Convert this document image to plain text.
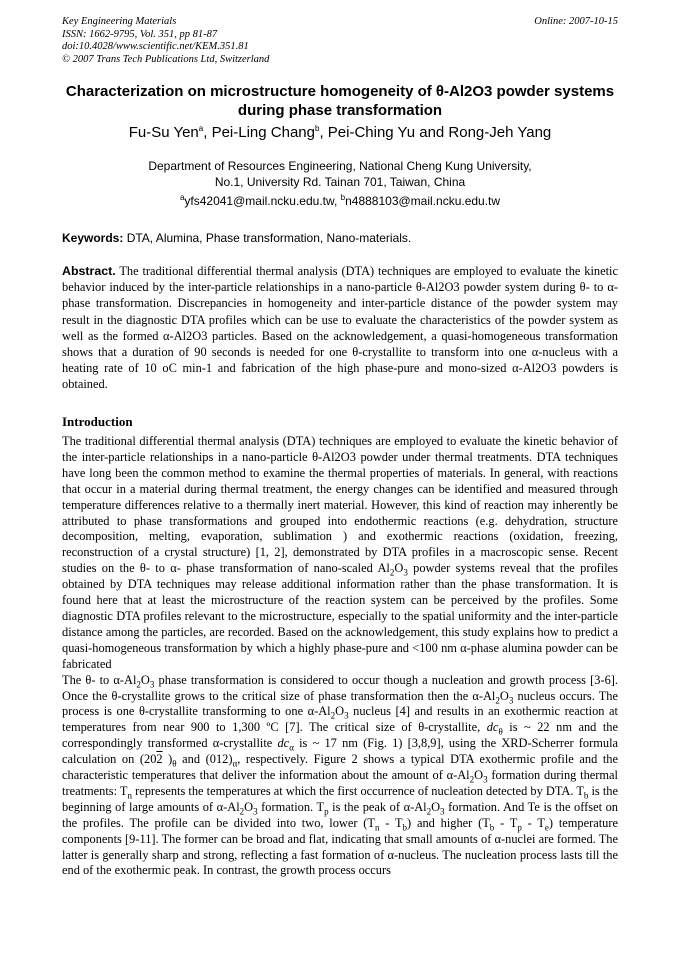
Key Engineering Materials
ISSN: 1662-9795, Vol. 351, pp 81-87
doi:10.4028/www.scientific.net/KEM.351.81
© 2007 Trans Tech Publications Ltd, Switzerland
Online: 2007-10-15
Characterization on microstructure homogeneity of θ-Al2O3 powder systems during phase transformation
Fu-Su Yen$^a$, Pei-Ling Chang$^b$, Pei-Ching Yu and Rong-Jeh Yang
Department of Resources Engineering, National Cheng Kung University,
No.1, University Rd. Tainan 701, Taiwan, China
$^a$yfs42041@mail.ncku.edu.tw, $^b$n4888103@mail.ncku.edu.tw
Keywords: DTA, Alumina, Phase transformation, Nano-materials.
Abstract. The traditional differential thermal analysis (DTA) techniques are employed to evaluate the kinetic behavior induced by the inter-particle relationships in a nano-particle θ-Al2O3 powder system during θ- to α- phase transformation. Discrepancies in homogeneity and inter-particle distance of the powder system may result in the diagnostic DTA profiles which can be use to evaluate the characteristics of the powder system as well as the formed α-Al2O3 particles. Based on the acknowledgement, a quasi-homogeneous transformation shows that a duration of 90 seconds is needed for one θ-crystallite to transform into one α-nucleus with a heating rate of 10 oC min-1 and fabrication of the high phase-pure and mono-sized α-Al2O3 powders is obtained.
Introduction

The traditional differential thermal analysis (DTA) techniques are employed to evaluate the kinetic behavior of the inter-particle relationships in a nano-particle θ-Al2O3 powder under thermal treatments. DTA techniques have long been the common method to examine the thermal properties of materials. In general, with reactions that occur in a material during thermal treatment, the energy changes can be identified and measured through temperature differences relative to a thermally inert material. However, this kind of reaction may inherently be attributed to phase transformations and grouped into endothermic reactions (e.g. dehydration, structure decomposition, melting, evaporation, sublimation ) and exothermic reactions (oxidation, freezing, reconstruction of a crystal structure) [1, 2], demonstrated by DTA profiles in a macroscopic sense. Recent studies on the θ- to α- phase transformation of nano-scaled $Al_2O_3$ powder systems reveal that the profiles obtained by DTA techniques may release additional information rather than the phase transformation. It is found here that at least the microstructure of the reaction system can be perceived by the profiles. Some diagnostic DTA profiles relevant to the microstructure, especially to the spatial uniformity and the inter-particle distance among the particles, are recorded. Based on the acknowledgement, this study explains how to predict a quasi-homogeneous transformation by which a highly phase-pure and <100 nm α-phase alumina powder can be fabricated

The θ- to $\alpha-Al_2O_3$ phase transformation is considered to occur though a nucleation and growth process [3-6]. Once the θ-crystallite grows to the critical size of phase transformation then the $\alpha-Al_2O_3$ nucleus occurs. The process is one θ-crystallite transforming to one $\alpha-Al_2O_3$ nucleus [4] and results in an exothermic reaction at temperatures from near 900 to 1,300 ºC [7]. The critical size of θ-crystallite, $dc_\theta$ is ~ 22 nm and the correspondingly transformed α-crystallite $dc_\alpha$ is ~ 17 nm (Fig. 1) [3,8,9], using the XRD-Scherrer formula calculation on (202 )$_\theta$ and $(012)_\alpha$, respectively. Figure 2 shows a typical DTA exothermic profile and the characteristic temperatures that deliver the information about the amount of $\alpha-Al_2O_3$ formation during thermal treatments: $T_n$ represents the temperatures at which the first occurrence of nucleation detected by DTA. $T_b$ is the beginning of large amounts of $\alpha-Al_2O_3$ formation. $T_p$ is the peak of $\alpha-Al_2O_3$ formation. And Te is the offset on the profiles. The profile can be divided into two, lower $(T_n - T_b)$ and higher $(T_b - T_p - T_e)$ temperature components [9-11]. The former can be broad and flat, indicating that small amounts of α-nuclei are formed. The latter is generally sharp and strong, reflecting a fast formation of α-nucleus. The nucleation process lasts till the end of the exothermic peak. In contrast, the growth process occurs
